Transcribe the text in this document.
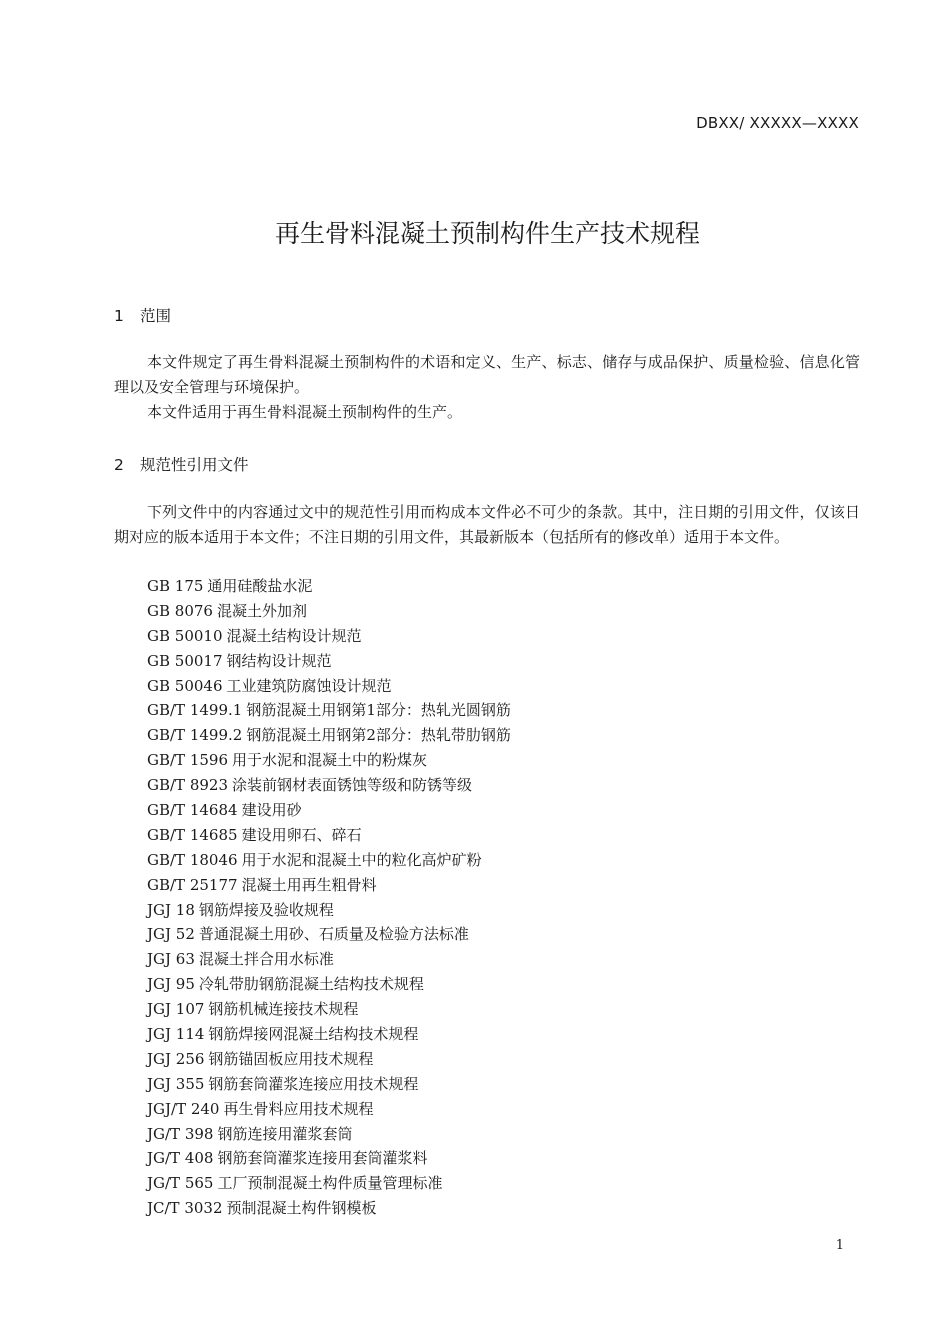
DBXX/ XXXXX—XXXX
再生骨料混凝土预制构件生产技术规程
1 范围
本文件规定了再生骨料混凝土预制构件的术语和定义、生产、标志、储存与成品保护、质量检验、信息化管理以及安全管理与环境保护。
本文件适用于再生骨料混凝土预制构件的生产。
2 规范性引用文件
下列文件中的内容通过文中的规范性引用而构成本文件必不可少的条款。其中，注日期的引用文件，仅该日期对应的版本适用于本文件；不注日期的引用文件，其最新版本（包括所有的修改单）适用于本文件。
GB 175 通用硅酸盐水泥
GB 8076 混凝土外加剂
GB 50010 混凝土结构设计规范
GB 50017 钢结构设计规范
GB 50046 工业建筑防腐蚀设计规范
GB/T 1499.1 钢筋混凝土用钢第1部分：热轧光圆钢筋
GB/T 1499.2 钢筋混凝土用钢第2部分：热轧带肋钢筋
GB/T 1596 用于水泥和混凝土中的粉煤灰
GB/T 8923 涂装前钢材表面锈蚀等级和防锈等级
GB/T 14684 建设用砂
GB/T 14685 建设用卵石、碎石
GB/T 18046 用于水泥和混凝土中的粒化高炉矿粉
GB/T 25177 混凝土用再生粗骨料
JGJ 18 钢筋焊接及验收规程
JGJ 52 普通混凝土用砂、石质量及检验方法标准
JGJ 63 混凝土拌合用水标准
JGJ 95 冷轧带肋钢筋混凝土结构技术规程
JGJ 107 钢筋机械连接技术规程
JGJ 114 钢筋焊接网混凝土结构技术规程
JGJ 256 钢筋锚固板应用技术规程
JGJ 355 钢筋套筒灌浆连接应用技术规程
JGJ/T 240 再生骨料应用技术规程
JG/T 398 钢筋连接用灌浆套筒
JG/T 408 钢筋套筒灌浆连接用套筒灌浆料
JG/T 565 工厂预制混凝土构件质量管理标准
JC/T 3032 预制混凝土构件钢模板
1
